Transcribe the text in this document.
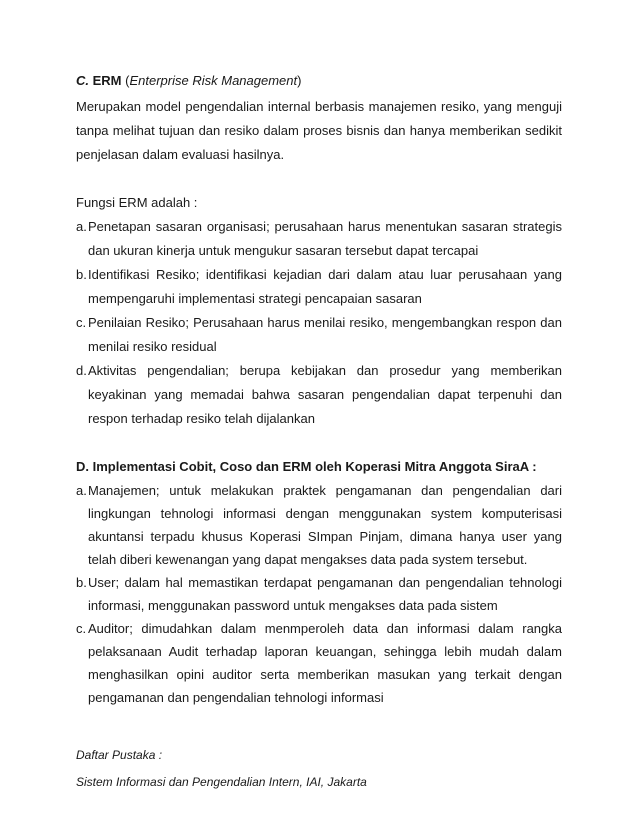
C. ERM (Enterprise Risk Management)

Merupakan model pengendalian internal berbasis manajemen resiko, yang menguji tanpa melihat tujuan dan resiko dalam proses bisnis dan hanya memberikan sedikit penjelasan dalam evaluasi hasilnya.

Fungsi ERM adalah :

a. Penetapan sasaran organisasi; perusahaan harus menentukan sasaran strategis dan ukuran kinerja untuk mengukur sasaran tersebut dapat tercapai
b. Identifikasi Resiko; identifikasi kejadian dari dalam atau luar perusahaan yang mempengaruhi implementasi strategi pencapaian sasaran
c. Penilaian Resiko; Perusahaan harus menilai resiko, mengembangkan respon dan menilai resiko residual
d. Aktivitas pengendalian; berupa kebijakan dan prosedur yang memberikan keyakinan yang memadai bahwa sasaran pengendalian dapat terpenuhi dan respon terhadap resiko telah dijalankan

D. Implementasi Cobit, Coso dan ERM oleh Koperasi Mitra Anggota SiraA :

a. Manajemen; untuk melakukan praktek pengamanan dan pengendalian dari lingkungan tehnologi informasi dengan menggunakan system komputerisasi akuntansi terpadu khusus Koperasi SImpan Pinjam, dimana hanya user yang telah diberi kewenangan yang dapat mengakses data pada system tersebut.
b. User; dalam hal memastikan terdapat pengamanan dan pengendalian tehnologi informasi, menggunakan password untuk mengakses data pada sistem
c. Auditor; dimudahkan dalam menmperoleh data dan informasi dalam rangka pelaksanaan Audit terhadap laporan keuangan, sehingga lebih mudah dalam menghasilkan opini auditor serta memberikan masukan yang terkait dengan pengamanan dan pengendalian tehnologi informasi
Daftar Pustaka :
Sistem Informasi dan Pengendalian Intern, IAI, Jakarta
